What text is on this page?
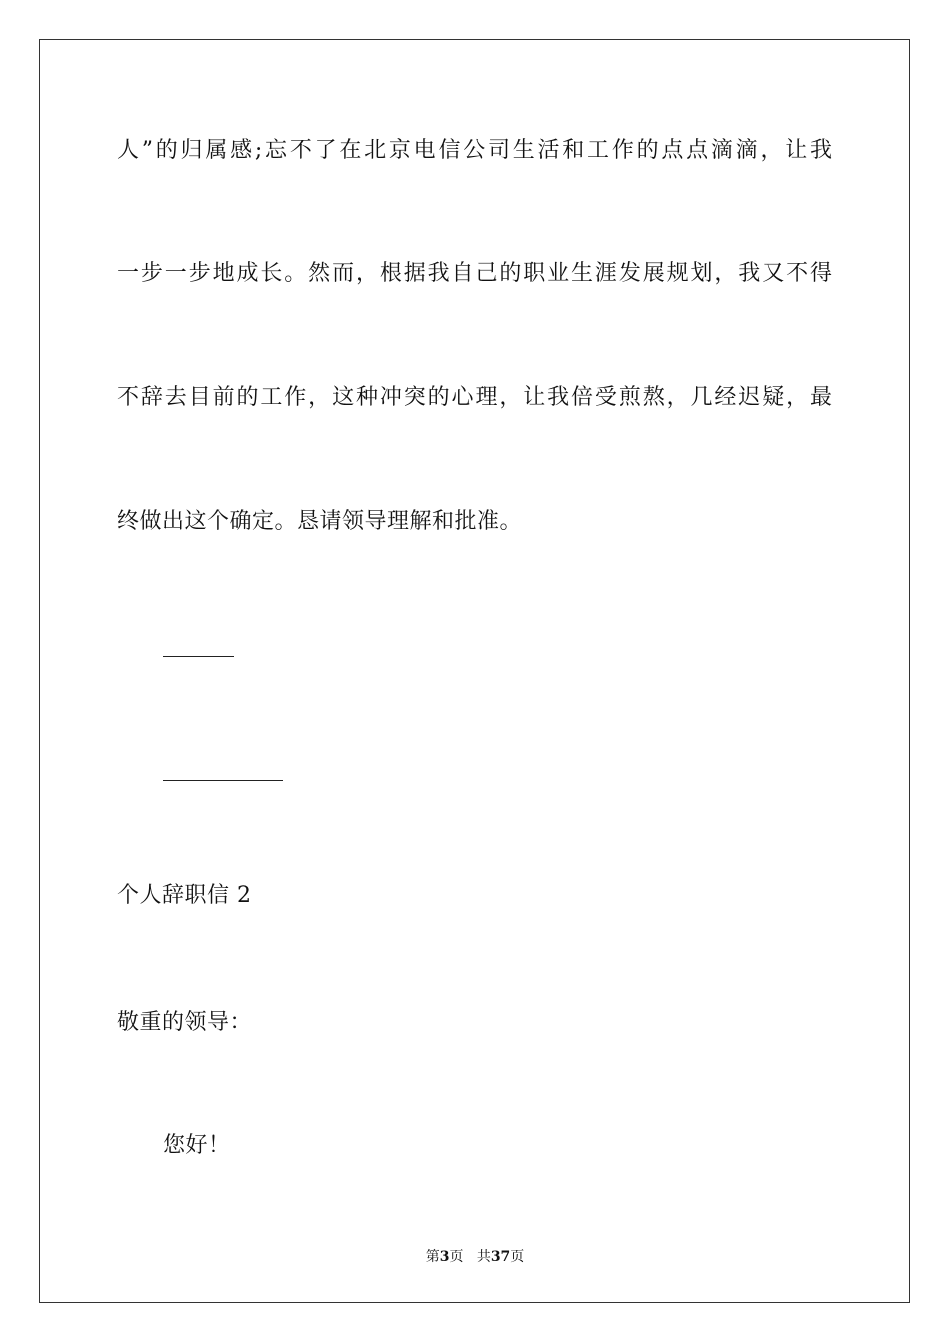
人”的归属感;忘不了在北京电信公司生活和工作的点点滴滴，让我
一步一步地成长。然而，根据我自己的职业生涯发展规划，我又不得
不辞去目前的工作，这种冲突的心理，让我倍受煎熬，几经迟疑，最
终做出这个确定。恳请领导理解和批准。
个人辞职信 2
敬重的领导：
您好！
第3页 共37页
